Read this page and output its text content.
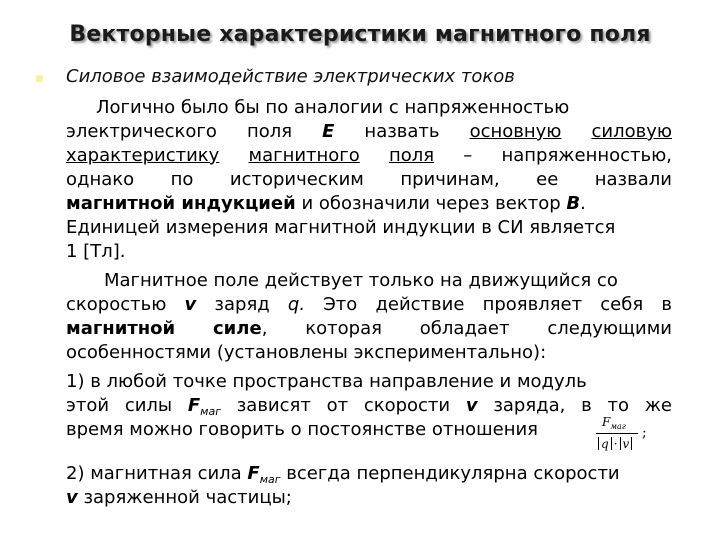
Векторные характеристики магнитного поля
Силовое взаимодействие электрических токов
Логично было бы по аналогии с напряженностью
электрического поля E назвать основную силовую
характеристику магнитного поля – напряженностью,
однако по историческим причинам, ее назвали
магнитной индукцией и обозначили через вектор B.
Единицей измерения магнитной индукции в СИ является
1 [Тл].
Магнитное поле действует только на движущийся со
скоростью v заряд q. Это действие проявляет себя в
магнитной силе, которая обладает следующими
особенностями (установлены экспериментально):
1) в любой точке пространства направление и модуль
этой силы $F_{маг}$ зависят от скорости v заряда, в то же
время можно говорить о постоянстве отношения	$F_{маг}$
q · v
;
2) магнитная сила $F_{маг}$ всегда перпендикулярна скорости
v заряженной частицы;
